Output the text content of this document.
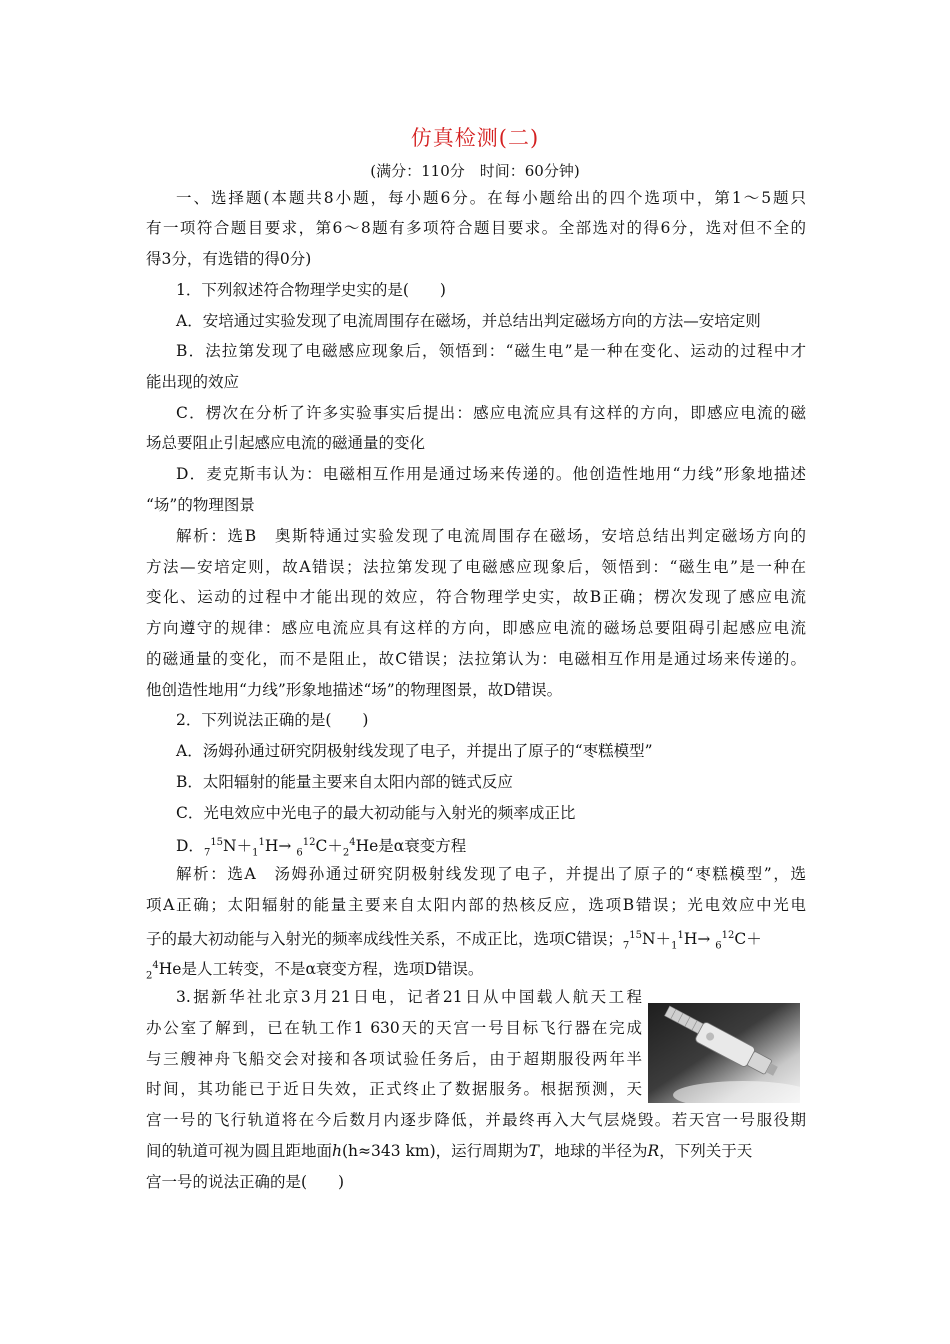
仿真检测(二)
(满分：110分　时间：60分钟)
一、选择题(本题共8小题，每小题6分。在每小题给出的四个选项中，第1～5题只
有一项符合题目要求，第6～8题有多项符合题目要求。全部选对的得6分，选对但不全的
得3分，有选错的得0分)
1．下列叙述符合物理学史实的是(　　)
A．安培通过实验发现了电流周围存在磁场，并总结出判定磁场方向的方法—安培定则
B．法拉第发现了电磁感应现象后，领悟到：“磁生电”是一种在变化、运动的过程中才
能出现的效应
C．楞次在分析了许多实验事实后提出：感应电流应具有这样的方向，即感应电流的磁
场总要阻止引起感应电流的磁通量的变化
D．麦克斯韦认为：电磁相互作用是通过场来传递的。他创造性地用“力线”形象地描述
“场”的物理图景
解析：选B　奥斯特通过实验发现了电流周围存在磁场，安培总结出判定磁场方向的
方法—安培定则，故A错误；法拉第发现了电磁感应现象后，领悟到：“磁生电”是一种在
变化、运动的过程中才能出现的效应，符合物理学史实，故B正确；楞次发现了感应电流
方向遵守的规律：感应电流应具有这样的方向，即感应电流的磁场总要阻碍引起感应电流
的磁通量的变化，而不是阻止，故C错误；法拉第认为：电磁相互作用是通过场来传递的。
他创造性地用“力线”形象地描述“场”的物理图景，故D错误。
2．下列说法正确的是(　　)
A．汤姆孙通过研究阴极射线发现了电子，并提出了原子的“枣糕模型”
B．太阳辐射的能量主要来自太阳内部的链式反应
C．光电效应中光电子的最大初动能与入射光的频率成正比
D．$_7^{15}N+_1^1H\to _6^{12}C+_2^4He$是α衰变方程
解析：选A　汤姆孙通过研究阴极射线发现了电子，并提出了原子的“枣糕模型”，选
项A正确；太阳辐射的能量主要来自太阳内部的热核反应，选项B错误；光电效应中光电
子的最大初动能与入射光的频率成线性关系，不成正比，选项C错误；$_7^{15}N+_1^1H\to _6^{12}C+$
$_2^4$He是人工转变，不是α衰变方程，选项D错误。
3.据新华社北京3月21日电，记者21日从中国载人航天工程
办公室了解到，已在轨工作1 630天的天宫一号目标飞行器在完成
与三艘神舟飞船交会对接和各项试验任务后，由于超期服役两年半
时间，其功能已于近日失效，正式终止了数据服务。根据预测，天
宫一号的飞行轨道将在今后数月内逐步降低，并最终再入大气层烧毁。若天宫一号服役期
间的轨道可视为圆且距地面h(h≈343 km)，运行周期为T，地球的半径为R，下列关于天
宫一号的说法正确的是(　　)
